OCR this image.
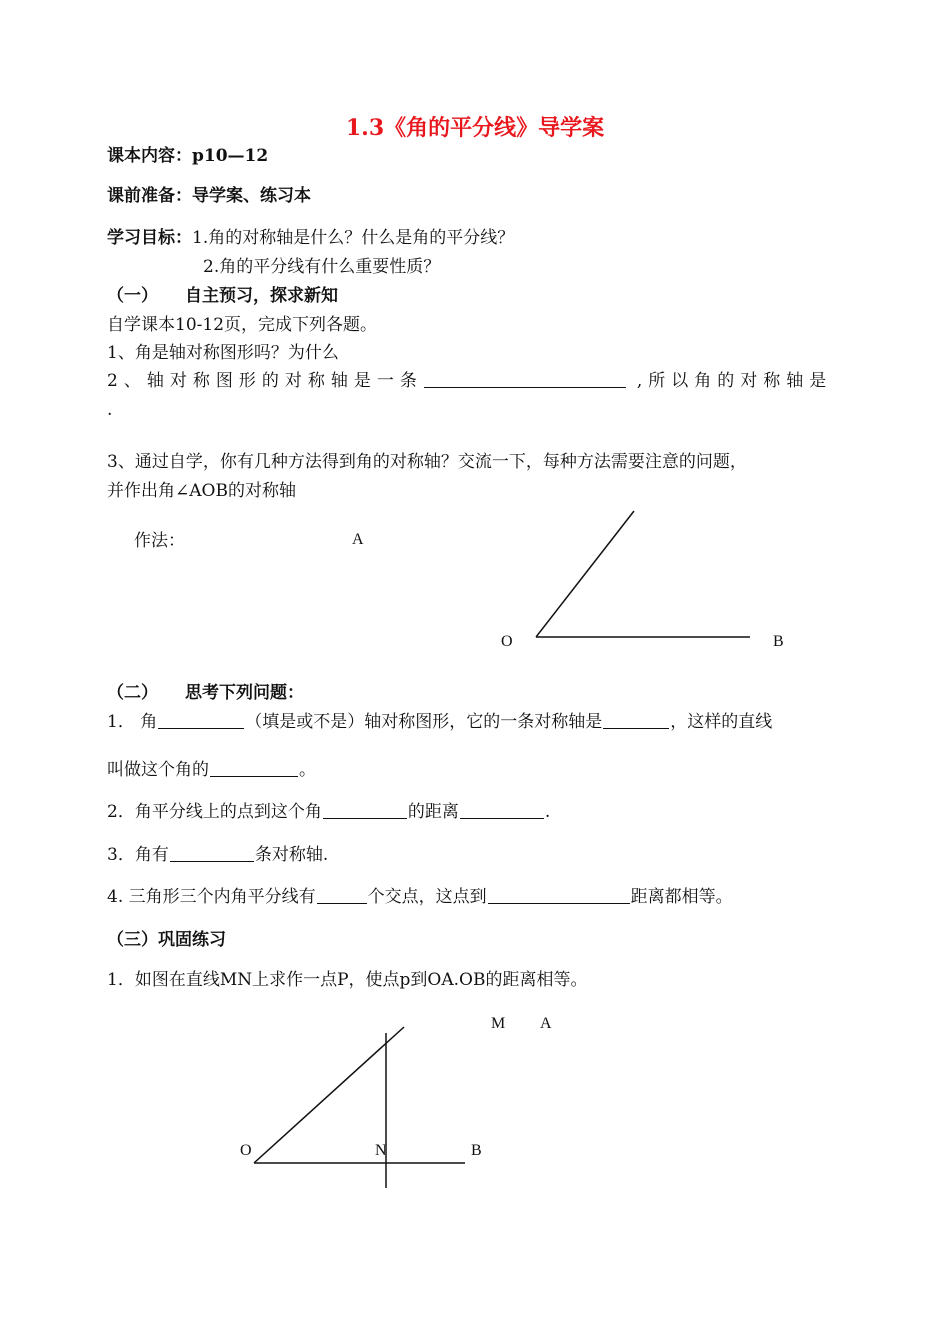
1.3《角的平分线》导学案
课本内容：p10—12
课前准备：导学案、练习本
学习目标：1.角的对称轴是什么？什么是角的平分线？
2.角的平分线有什么重要性质？
（一） 自主预习，探求新知
自学课本10-12页，完成下列各题。
1、角是轴对称图形吗？为什么
2、轴对称图形的对称轴是一条	,所以角的对称轴是
.
3、通过自学，你有几种方法得到角的对称轴？交流一下，每种方法需要注意的问题，
并作出角∠AOB的对称轴
作法：	A
O	B
（二） 思考下列问题：
1． 角	（填是或不是）轴对称图形，它的一条对称轴是	，这样的直线
叫做这个角的	。
2．角平分线上的点到这个角	的距离	.
3．角有	条对称轴.
4. 三角形三个内角平分线有	个交点，这点到	距离都相等。
（三）巩固练习
1．如图在直线MN上求作一点P，使点p到OA.OB的距离相等。
M A
O	N	B
